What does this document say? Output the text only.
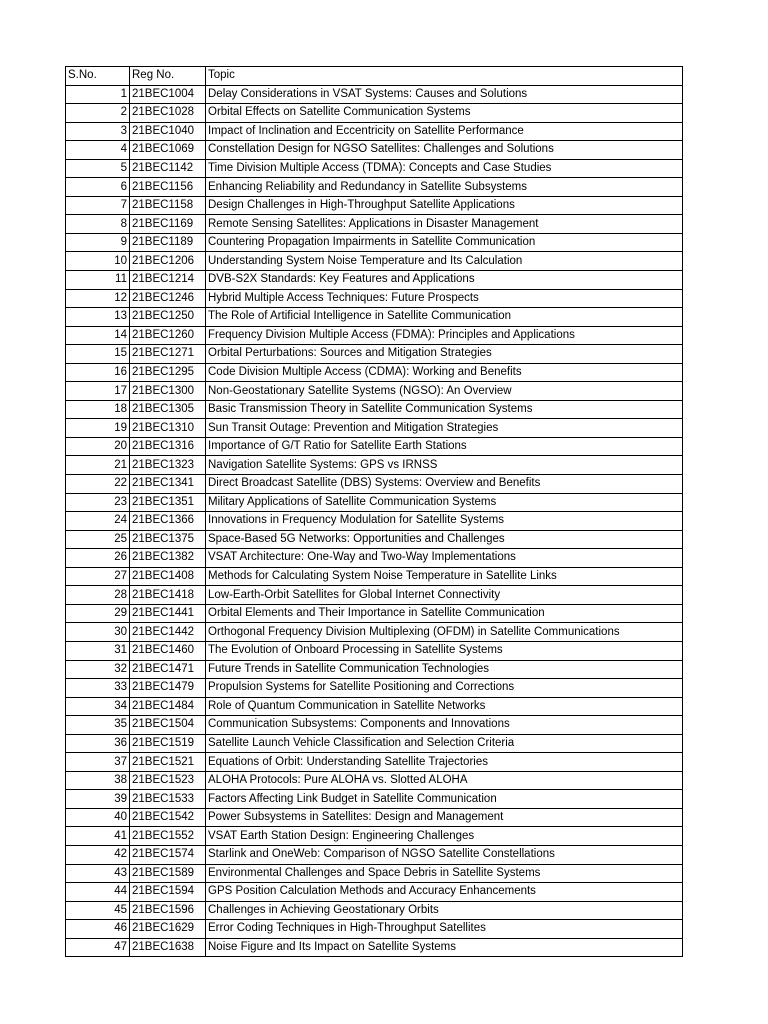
S.No.	Reg No.	Topic
1	21BEC1004	Delay Considerations in VSAT Systems: Causes and Solutions
2	21BEC1028	Orbital Effects on Satellite Communication Systems
3	21BEC1040	Impact of Inclination and Eccentricity on Satellite Performance
4	21BEC1069	Constellation Design for NGSO Satellites: Challenges and Solutions
5	21BEC1142	Time Division Multiple Access (TDMA): Concepts and Case Studies
6	21BEC1156	Enhancing Reliability and Redundancy in Satellite Subsystems
7	21BEC1158	Design Challenges in High-Throughput Satellite Applications
8	21BEC1169	Remote Sensing Satellites: Applications in Disaster Management
9	21BEC1189	Countering Propagation Impairments in Satellite Communication
10	21BEC1206	Understanding System Noise Temperature and Its Calculation
11	21BEC1214	DVB-S2X Standards: Key Features and Applications
12	21BEC1246	Hybrid Multiple Access Techniques: Future Prospects
13	21BEC1250	The Role of Artificial Intelligence in Satellite Communication
14	21BEC1260	Frequency Division Multiple Access (FDMA): Principles and Applications
15	21BEC1271	Orbital Perturbations: Sources and Mitigation Strategies
16	21BEC1295	Code Division Multiple Access (CDMA): Working and Benefits
17	21BEC1300	Non-Geostationary Satellite Systems (NGSO): An Overview
18	21BEC1305	Basic Transmission Theory in Satellite Communication Systems
19	21BEC1310	Sun Transit Outage: Prevention and Mitigation Strategies
20	21BEC1316	Importance of G/T Ratio for Satellite Earth Stations
21	21BEC1323	Navigation Satellite Systems: GPS vs IRNSS
22	21BEC1341	Direct Broadcast Satellite (DBS) Systems: Overview and Benefits
23	21BEC1351	Military Applications of Satellite Communication Systems
24	21BEC1366	Innovations in Frequency Modulation for Satellite Systems
25	21BEC1375	Space-Based 5G Networks: Opportunities and Challenges
26	21BEC1382	VSAT Architecture: One-Way and Two-Way Implementations
27	21BEC1408	Methods for Calculating System Noise Temperature in Satellite Links
28	21BEC1418	Low-Earth-Orbit Satellites for Global Internet Connectivity
29	21BEC1441	Orbital Elements and Their Importance in Satellite Communication
30	21BEC1442	Orthogonal Frequency Division Multiplexing (OFDM) in Satellite Communications
31	21BEC1460	The Evolution of Onboard Processing in Satellite Systems
32	21BEC1471	Future Trends in Satellite Communication Technologies
33	21BEC1479	Propulsion Systems for Satellite Positioning and Corrections
34	21BEC1484	Role of Quantum Communication in Satellite Networks
35	21BEC1504	Communication Subsystems: Components and Innovations
36	21BEC1519	Satellite Launch Vehicle Classification and Selection Criteria
37	21BEC1521	Equations of Orbit: Understanding Satellite Trajectories
38	21BEC1523	ALOHA Protocols: Pure ALOHA vs. Slotted ALOHA
39	21BEC1533	Factors Affecting Link Budget in Satellite Communication
40	21BEC1542	Power Subsystems in Satellites: Design and Management
41	21BEC1552	VSAT Earth Station Design: Engineering Challenges
42	21BEC1574	Starlink and OneWeb: Comparison of NGSO Satellite Constellations
43	21BEC1589	Environmental Challenges and Space Debris in Satellite Systems
44	21BEC1594	GPS Position Calculation Methods and Accuracy Enhancements
45	21BEC1596	Challenges in Achieving Geostationary Orbits
46	21BEC1629	Error Coding Techniques in High-Throughput Satellites
47	21BEC1638	Noise Figure and Its Impact on Satellite Systems
